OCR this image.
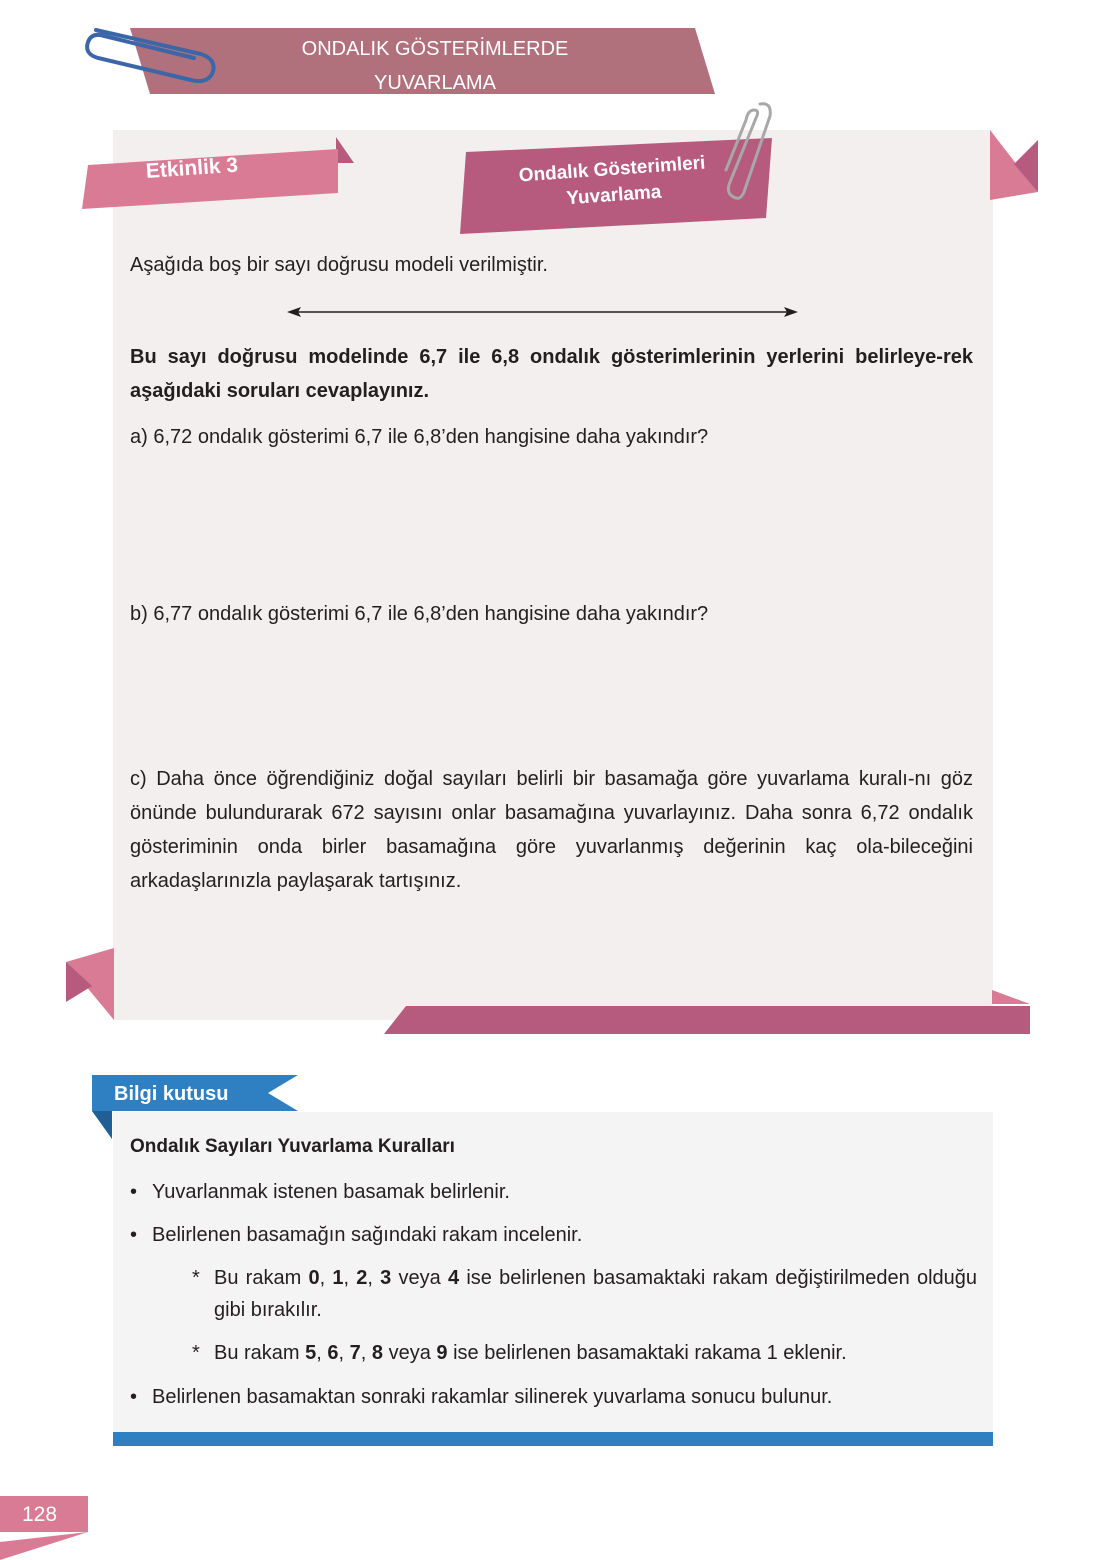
ONDALIK GÖSTERİMLERDE
YUVARLAMA
Etkinlik 3	Ondalık Gösterimleri
Yuvarlama
Aşağıda boş bir sayı doğrusu modeli verilmiştir.
Bu sayı doğrusu modelinde 6,7 ile 6,8 ondalık gösterimlerinin yerlerini belirleye-rek aşağıdaki soruları cevaplayınız.
a) 6,72 ondalık gösterimi 6,7 ile 6,8’den hangisine daha yakındır?
b) 6,77 ondalık gösterimi 6,7 ile 6,8’den hangisine daha yakındır?
c) Daha önce öğrendiğiniz doğal sayıları belirli bir basamağa göre yuvarlama kuralı-nı göz önünde bulundurarak 672 sayısını onlar basamağına yuvarlayınız. Daha sonra 6,72 ondalık gösteriminin onda birler basamağına göre yuvarlanmış değerinin kaç ola-bileceğini arkadaşlarınızla paylaşarak tartışınız.
Bilgi kutusu
Ondalık Sayıları Yuvarlama Kuralları
• Yuvarlanmak istenen basamak belirlenir.
• Belirlenen basamağın sağındaki rakam incelenir.
* Bu rakam 0, 1, 2, 3 veya 4 ise belirlenen basamaktaki rakam değiştirilmeden olduğu gibi bırakılır.
* Bu rakam 5, 6, 7, 8 veya 9 ise belirlenen basamaktaki rakama 1 eklenir.
• Belirlenen basamaktan sonraki rakamlar silinerek yuvarlama sonucu bulunur.
128
